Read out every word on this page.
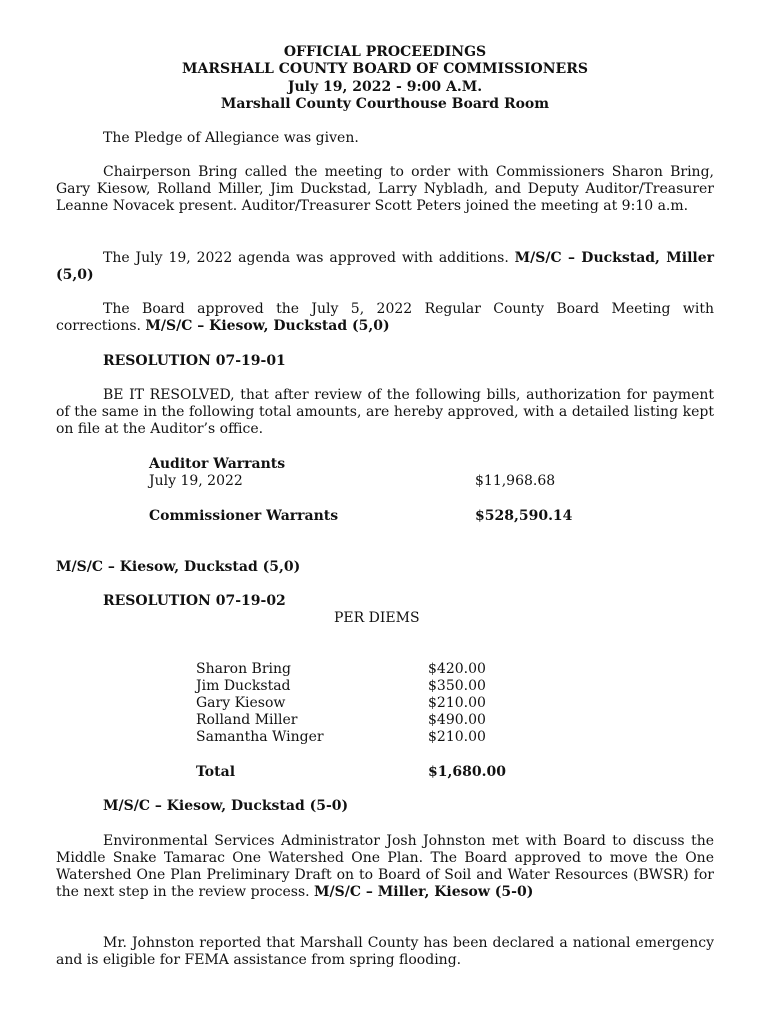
OFFICIAL PROCEEDINGS
MARSHALL COUNTY BOARD OF COMMISSIONERS
July 19, 2022 - 9:00 A.M.
Marshall County Courthouse Board Room

The Pledge of Allegiance was given.

Chairperson Bring called the meeting to order with Commissioners Sharon Bring, Gary Kiesow, Rolland Miller, Jim Duckstad, Larry Nybladh, and Deputy Auditor/Treasurer Leanne Novacek present. Auditor/Treasurer Scott Peters joined the meeting at 9:10 a.m.

The July 19, 2022 agenda was approved with additions. M/S/C – Duckstad, Miller (5,0)

The Board approved the July 5, 2022 Regular County Board Meeting with corrections. M/S/C – Kiesow, Duckstad (5,0)

RESOLUTION 07-19-01

BE IT RESOLVED, that after review of the following bills, authorization for payment of the same in the following total amounts, are hereby approved, with a detailed listing kept on file at the Auditor’s office.

Auditor Warrants

July 19, 2022	$11,968.68

Commissioner Warrants	$528,590.14

M/S/C – Kiesow, Duckstad (5,0)

RESOLUTION 07-19-02

PER DIEMS

Sharon Bring	$420.00
Jim Duckstad	$350.00
Gary Kiesow	$210.00
Rolland Miller	$490.00
Samantha Winger	$210.00
Total	$1,680.00

M/S/C – Kiesow, Duckstad (5-0)

Environmental Services Administrator Josh Johnston met with Board to discuss the Middle Snake Tamarac One Watershed One Plan. The Board approved to move the One Watershed One Plan Preliminary Draft on to Board of Soil and Water Resources (BWSR) for the next step in the review process. M/S/C – Miller, Kiesow (5-0)

Mr. Johnston reported that Marshall County has been declared a national emergency and is eligible for FEMA assistance from spring flooding.
